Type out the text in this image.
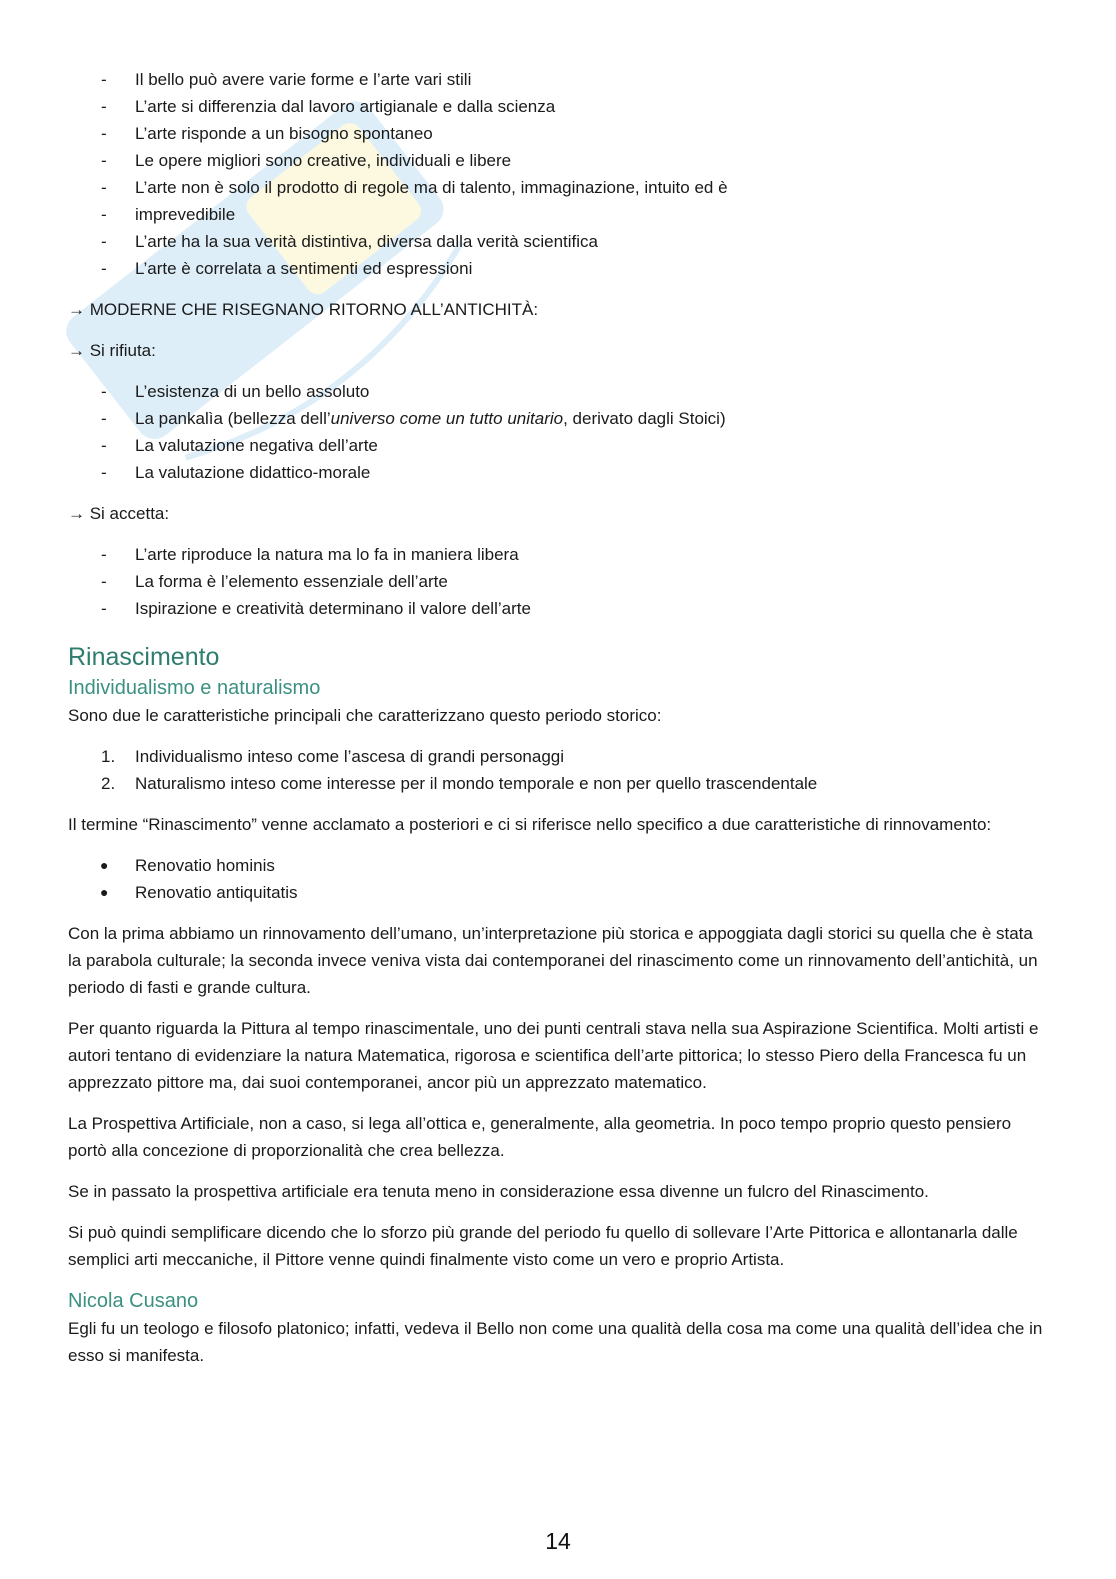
- Il bello può avere varie forme e l’arte vari stili
- L’arte si differenzia dal lavoro artigianale e dalla scienza
- L’arte risponde a un bisogno spontaneo
- Le opere migliori sono creative, individuali e libere
- L’arte non è solo il prodotto di regole ma di talento, immaginazione, intuito ed è
- imprevedibile
- L’arte ha la sua verità distintiva, diversa dalla verità scientifica
- L’arte è correlata a sentimenti ed espressioni

→ MODERNE CHE RISEGNANO RITORNO ALL’ANTICHITÀ:

→ Si rifiuta:

- L’esistenza di un bello assoluto
- La pankalìa (bellezza dell’universo come un tutto unitario, derivato dagli Stoici)
- La valutazione negativa dell’arte
- La valutazione didattico-morale

→ Si accetta:

- L’arte riproduce la natura ma lo fa in maniera libera
- La forma è l’elemento essenziale dell’arte
- Ispirazione e creatività determinano il valore dell’arte
Rinascimento
Individualismo e naturalismo

Sono due le caratteristiche principali che caratterizzano questo periodo storico:

1. Individualismo inteso come l’ascesa di grandi personaggi
2. Naturalismo inteso come interesse per il mondo temporale e non per quello trascendentale

Il termine “Rinascimento” venne acclamato a posteriori e ci si riferisce nello specifico a due caratteristiche di rinnovamento:

● Renovatio hominis
● Renovatio antiquitatis

Con la prima abbiamo un rinnovamento dell’umano, un’interpretazione più storica e appoggiata dagli storici su quella che è stata la parabola culturale; la seconda invece veniva vista dai contemporanei del rinascimento come un rinnovamento dell’antichità, un periodo di fasti e grande cultura.

Per quanto riguarda la Pittura al tempo rinascimentale, uno dei punti centrali stava nella sua Aspirazione Scientifica. Molti artisti e autori tentano di evidenziare la natura Matematica, rigorosa e scientifica dell’arte pittorica; lo stesso Piero della Francesca fu un apprezzato pittore ma, dai suoi contemporanei, ancor più un apprezzato matematico.

La Prospettiva Artificiale, non a caso, si lega all’ottica e, generalmente, alla geometria. In poco tempo proprio questo pensiero portò alla concezione di proporzionalità che crea bellezza.

Se in passato la prospettiva artificiale era tenuta meno in considerazione essa divenne un fulcro del Rinascimento.

Si può quindi semplificare dicendo che lo sforzo più grande del periodo fu quello di sollevare l’Arte Pittorica e allontanarla dalle semplici arti meccaniche, il Pittore venne quindi finalmente visto come un vero e proprio Artista.

Nicola Cusano

Egli fu un teologo e filosofo platonico; infatti, vedeva il Bello non come una qualità della cosa ma come una qualità dell’idea che in esso si manifesta.

14
